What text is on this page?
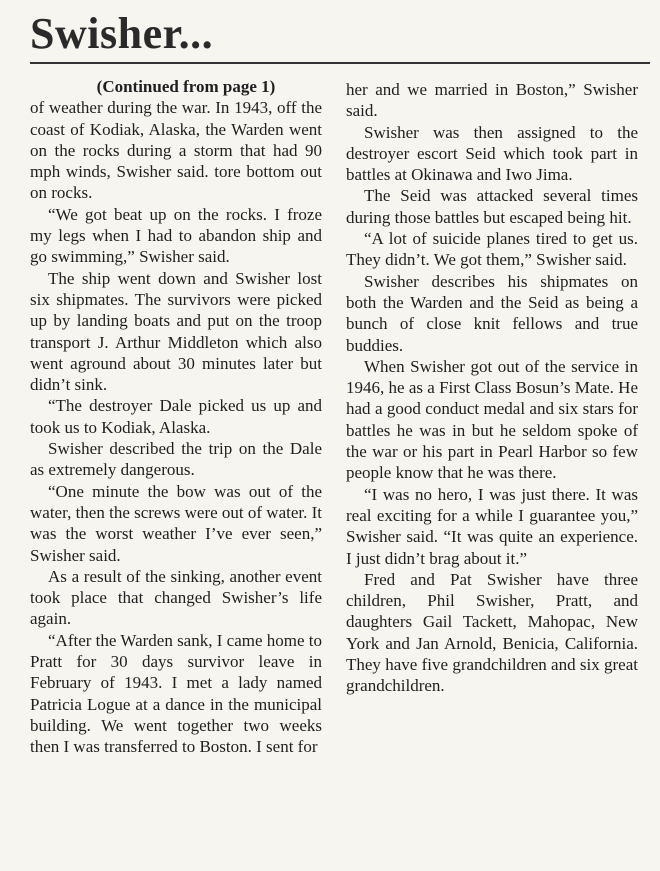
Swisher...

(Continued from page 1)

of weather during the war. In 1943, off the coast of Kodiak, Alaska, the Warden went on the rocks during a storm that had 90 mph winds, Swisher said. tore bottom out on rocks.

“We got beat up on the rocks. I froze my legs when I had to abandon ship and go swimming,” Swisher said.

The ship went down and Swisher lost six shipmates. The survivors were picked up by landing boats and put on the troop transport J. Arthur Middleton which also went aground about 30 minutes later but didn’t sink.

“The destroyer Dale picked us up and took us to Kodiak, Alaska.

Swisher described the trip on the Dale as extremely dangerous.

“One minute the bow was out of the water, then the screws were out of water. It was the worst weather I’ve ever seen,” Swisher said.

As a result of the sinking, another event took place that changed Swisher’s life again.

“After the Warden sank, I came home to Pratt for 30 days survivor leave in February of 1943. I met a lady named Patricia Logue at a dance in the municipal building. We went together two weeks then I was transferred to Boston. I sent for

her and we married in Boston,” Swisher said.

Swisher was then assigned to the destroyer escort Seid which took part in battles at Okinawa and Iwo Jima.

The Seid was attacked several times during those battles but escaped being hit.

“A lot of suicide planes tired to get us. They didn’t. We got them,” Swisher said.

Swisher describes his shipmates on both the Warden and the Seid as being a bunch of close knit fellows and true buddies.

When Swisher got out of the service in 1946, he as a First Class Bosun’s Mate. He had a good conduct medal and six stars for battles he was in but he seldom spoke of the war or his part in Pearl Harbor so few people know that he was there.

“I was no hero, I was just there. It was real exciting for a while I guarantee you,” Swisher said. “It was quite an experience. I just didn’t brag about it.”

Fred and Pat Swisher have three children, Phil Swisher, Pratt, and daughters Gail Tackett, Mahopac, New York and Jan Arnold, Benicia, California. They have five grandchildren and six great grandchildren.
